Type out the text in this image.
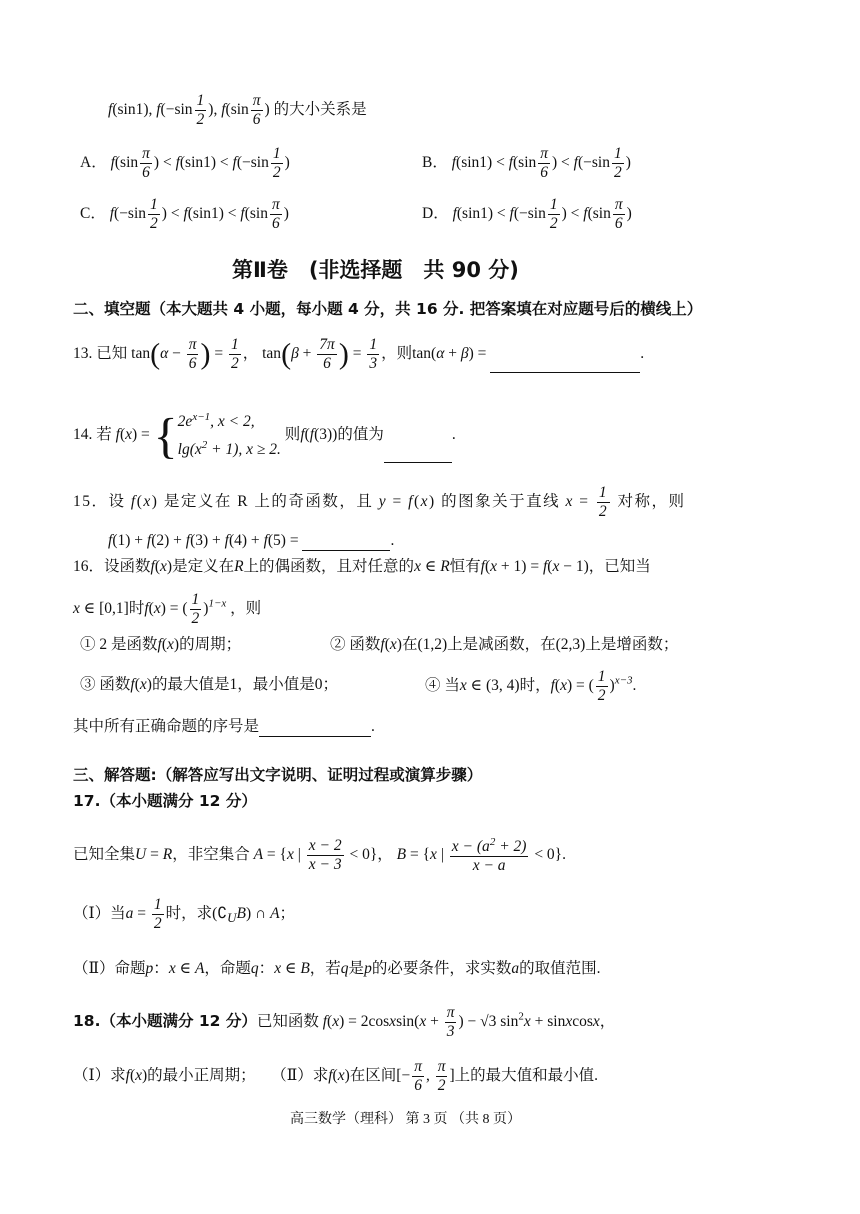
f(sin1), $f(-\sin \frac{1}{2}$ ), $f(\sin \frac{\pi}{6}$ ) 的大小关系是
A． $f(\sin \frac{\pi}{6}$ ) < $f(\sin 1) < f(-\sin \frac{1}{2}$ )	B． $f(\sin 1) < f(\sin \frac{\pi}{6}$ ) < $f(-\sin \frac{1}{2}$ )
C． $f(-\sin \frac{1}{2}$ ) < $f(\sin 1) < f(\sin \frac{\pi}{6}$ )	D． $f(\sin 1) < f(-\sin \frac{1}{2}$ ) < $f(\sin \frac{\pi}{6}$ )
第Ⅱ卷　(非选择题　共 90 分)
二、填空题（本大题共 4 小题，每小题 4 分，共 16 分. 把答案填在对应题号后的横线上）
13. 已知 $\tan(\alpha - \frac{\pi}{6}$ ) = $\frac{1}{2}$ ， $\tan(\beta + \frac{7\pi}{6}$ ) = $\frac{1}{3}$ ，则tan(α + β) =	.
14. 若 f(x) = { $2e^{x-1}$, x < 2,
$\lg(x^2 + 1)$, x ≥ 2.
则f(f(3))的值为	.
15．设 f(x) 是定义在 R 上的奇函数，且 y = f(x) 的图象关于直线 $x = \frac{1}{2}$ 对称，则
f(1) + f(2) + f(3) + f(4) + f(5) =	.
16．设函数f(x)是定义在R上的偶函数，且对任意的x ∈ R恒有f(x + 1) = f(x − 1)，已知当
x ∈ [0,1]时f(x) = ( $\frac{1}{2} )^{1-x}$ ，则
① 2 是函数f(x)的周期；	② 函数f(x)在(1,2)上是减函数，在(2,3)上是增函数；
③ 函数f(x)的最大值是1，最小值是0；	④ 当x ∈ (3, 4)时，f(x) = ( $\frac{1}{2} )^{x-3}$.
其中所有正确命题的序号是	.
三、解答题:（解答应写出文字说明、证明过程或演算步骤）
17.（本小题满分 12 分）
已知全集U = R，非空集合 A = {x | $\frac{x - 2}{x - 3} < 0$}， B = {x | $\frac{x - (a^2 + 2)}{x - a} < 0$}.
（Ⅰ）当$a = \frac{1}{2}$ 时，求$(∁_UB)$ ∩ A；
（Ⅱ）命题p：x ∈ A，命题q：x ∈ B，若q是p的必要条件，求实数a的取值范围.
18.（本小题满分 12 分）已知函数 f(x) = 2cosxsin(x + $\frac{\pi}{3}$ ) − √3 $\sin^2x$ + sinxcosx，
（Ⅰ）求f(x)的最小正周期； （Ⅱ）求f(x)在区间[− $\frac{\pi}{6}$ , $\frac{\pi}{2}$ ]上的最大值和最小值.
高三数学（理科） 第 3 页 （共 8 页）
